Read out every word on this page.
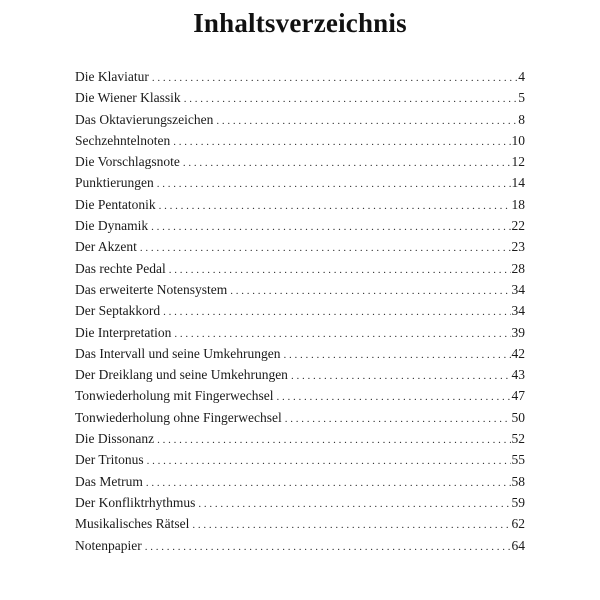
Inhaltsverzeichnis
Die Klaviatur . . .	4
Die Wiener Klassik . . .	5
Das Oktavierungszeichen . . .	8
Sechzehntelnoten . . .	10
Die Vorschlagsnote . . .	12
Punktierungen . . .	14
Die Pentatonik . . .	18
Die Dynamik . . .	22
Der Akzent . . .	23
Das rechte Pedal . . .	28
Das erweiterte Notensystem . . .	34
Der Septakkord . . .	34
Die Interpretation . . .	39
Das Intervall und seine Umkehrungen . . .	42
Der Dreiklang und seine Umkehrungen . . .	43
Tonwiederholung mit Fingerwechsel . . .	47
Tonwiederholung ohne Fingerwechsel . . .	50
Die Dissonanz . . .	52
Der Tritonus . . .	55
Das Metrum . . .	58
Der Konfliktrhythmus . . .	59
Musikalisches Rätsel . . .	62
Notenpapier . . .	64
